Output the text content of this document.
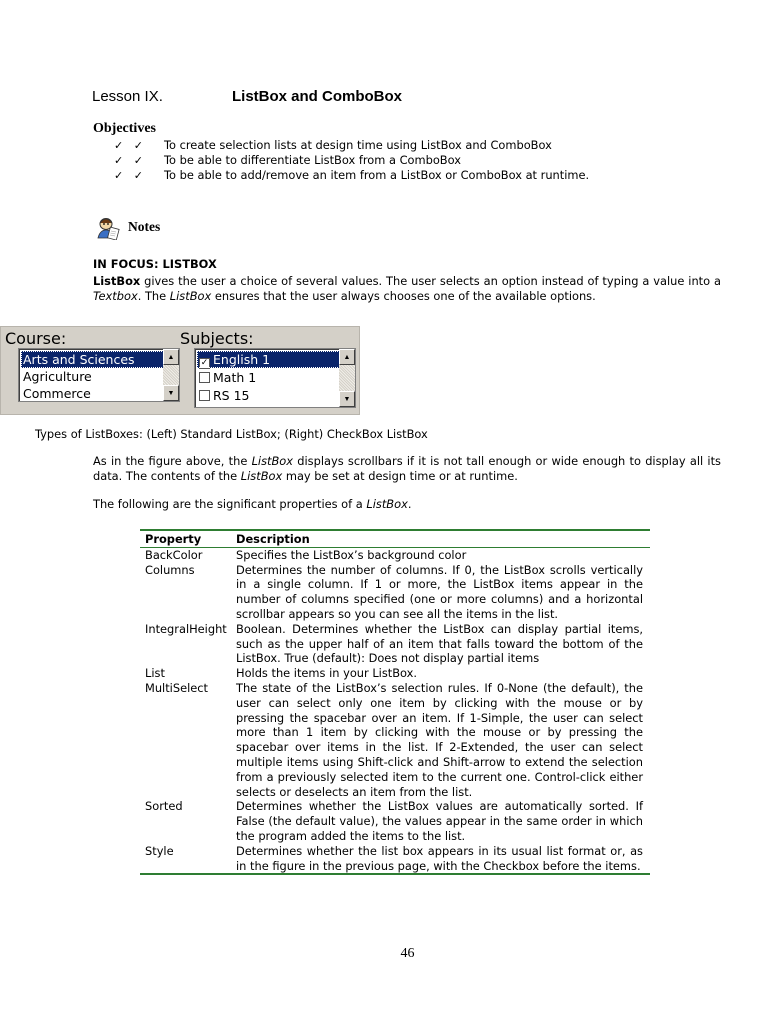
Lesson IX.	ListBox and ComboBox
Objectives
✓   ✓ To create selection lists at design time using ListBox and ComboBox
✓   ✓ To be able to differentiate ListBox from a ComboBox
✓   ✓ To be able to add/remove an item from a ListBox or ComboBox at runtime.
Notes
IN FOCUS: LISTBOX
ListBox gives the user a choice of several values. The user selects an option instead of typing a value into a Textbox. The ListBox ensures that the user always chooses one of the available options.
Course:	Subjects:
Arts and Sciences
Agriculture
Commerce
▲
▼
✓ English 1
Math 1
RS 15
▲
▼
Types of ListBoxes: (Left) Standard ListBox; (Right) CheckBox ListBox
As in the figure above, the ListBox displays scrollbars if it is not tall enough or wide enough to display all its data. The contents of the ListBox may be set at design time or at runtime.
The following are the significant properties of a ListBox.
Property	Description
BackColor	Specifies the ListBox’s background color
Columns	Determines the number of columns. If 0, the ListBox scrolls vertically in a single column. If 1 or more, the ListBox items appear in the number of columns specified (one or more columns) and a horizontal scrollbar appears so you can see all the items in the list.
IntegralHeight Boolean. Determines whether the ListBox can display partial items, such as the upper half of an item that falls toward the bottom of the ListBox. True (default): Does not display partial items
List	Holds the items in your ListBox.
MultiSelect	The state of the ListBox’s selection rules. If 0-None (the default), the user can select only one item by clicking with the mouse or by pressing the spacebar over an item. If 1-Simple, the user can select more than 1 item by clicking with the mouse or by pressing the spacebar over items in the list. If 2-Extended, the user can select multiple items using Shift-click and Shift-arrow to extend the selection from a previously selected item to the current one. Control-click either selects or deselects an item from the list.
Sorted	Determines whether the ListBox values are automatically sorted. If False (the default value), the values appear in the same order in which the program added the items to the list.
Style	Determines whether the list box appears in its usual list format or, as in the figure in the previous page, with the Checkbox before the items.
46
